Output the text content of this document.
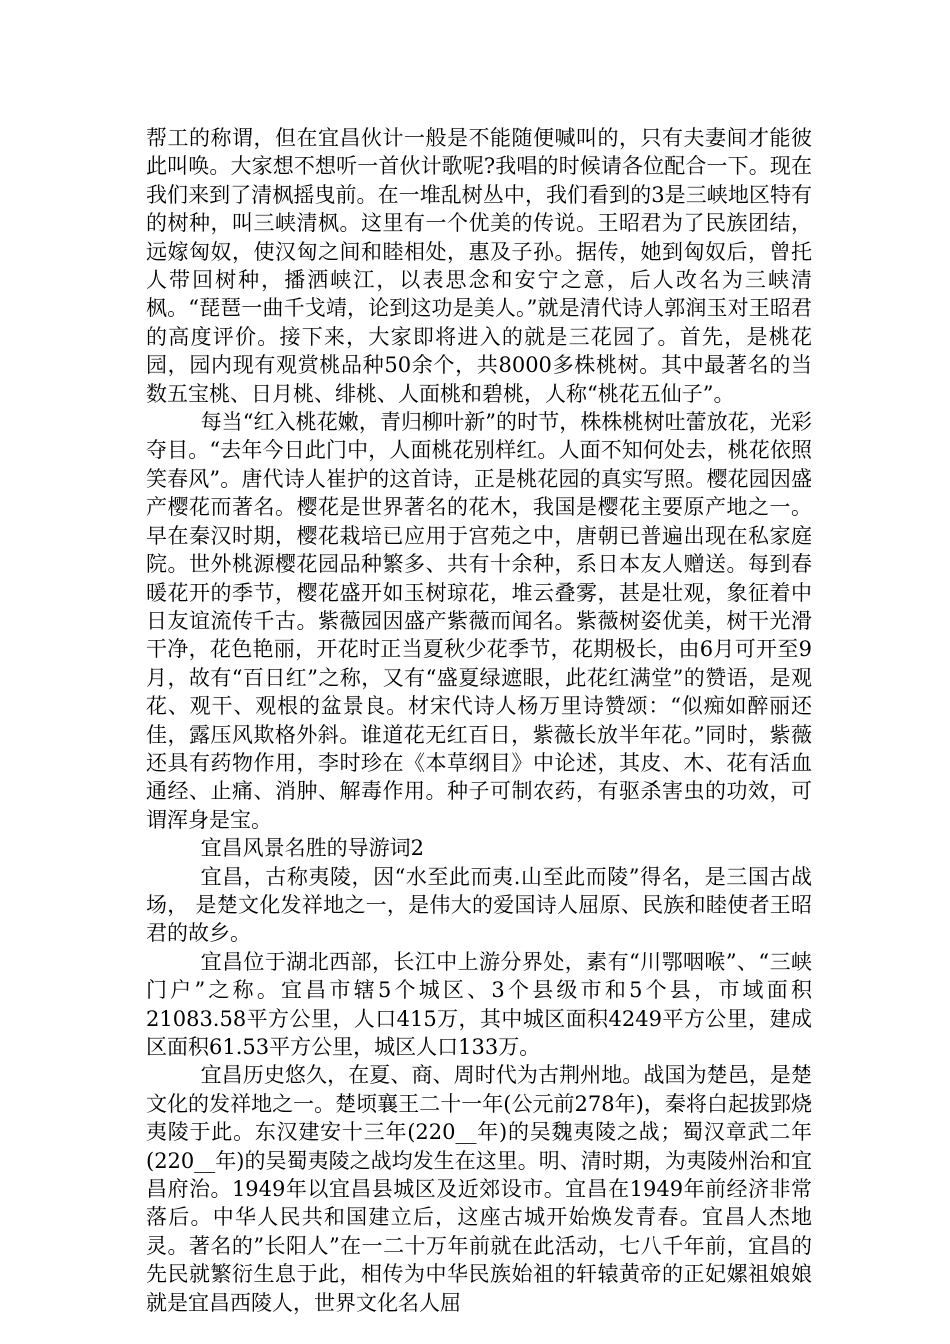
帮工的称谓，但在宜昌伙计一般是不能随便喊叫的，只有夫妻间才能彼此叫唤。大家想不想听一首伙计歌呢?我唱的时候请各位配合一下。现在我们来到了清枫摇曳前。在一堆乱树丛中，我们看到的3是三峡地区特有的树种，叫三峡清枫。这里有一个优美的传说。王昭君为了民族团结，远嫁匈奴，使汉匈之间和睦相处，惠及子孙。据传，她到匈奴后，曾托人带回树种，播洒峡江，以表思念和安宁之意，后人改名为三峡清枫。“琵琶一曲千戈靖，论到这功是美人。”就是清代诗人郭润玉对王昭君的高度评价。接下来，大家即将进入的就是三花园了。首先，是桃花园，园内现有观赏桃品种50余个，共8000多株桃树。其中最著名的当数五宝桃、日月桃、绯桃、人面桃和碧桃，人称“桃花五仙子”。

每当“红入桃花嫩，青归柳叶新”的时节，株株桃树吐蕾放花，光彩夺目。“去年今日此门中，人面桃花别样红。人面不知何处去，桃花依照笑春风”。唐代诗人崔护的这首诗，正是桃花园的真实写照。樱花园因盛产樱花而著名。樱花是世界著名的花木，我国是樱花主要原产地之一。早在秦汉时期，樱花栽培已应用于宫苑之中，唐朝已普遍出现在私家庭院。世外桃源樱花园品种繁多、共有十余种，系日本友人赠送。每到春暖花开的季节，樱花盛开如玉树琼花，堆云叠雾，甚是壮观，象征着中日友谊流传千古。紫薇园因盛产紫薇而闻名。紫薇树姿优美，树干光滑干净，花色艳丽，开花时正当夏秋少花季节，花期极长，由6月可开至9月，故有“百日红”之称，又有“盛夏绿遮眼，此花红满堂”的赞语，是观花、观干、观根的盆景良。材宋代诗人杨万里诗赞颂：“似痴如醉丽还佳，露压风欺格外斜。谁道花无红百日，紫薇长放半年花。”同时，紫薇还具有药物作用，李时珍在《本草纲目》中论述，其皮、木、花有活血通经、止痛、消肿、解毒作用。种子可制农药，有驱杀害虫的功效，可谓浑身是宝。

宜昌风景名胜的导游词2

宜昌，古称夷陵，因“水至此而夷.山至此而陵”得名，是三国古战场， 是楚文化发祥地之一，是伟大的爱国诗人屈原、民族和睦使者王昭君的故乡。

宜昌位于湖北西部，长江中上游分界处，素有“川鄂咽喉”、“三峡门户”之称。宜昌市辖5个城区、3个县级市和5个县，市域面积21083.58平方公里，人口415万，其中城区面积4249平方公里，建成区面积61.53平方公里，城区人口133万。

宜昌历史悠久，在夏、商、周时代为古荆州地。战国为楚邑，是楚文化的发祥地之一。楚顷襄王二十一年(公元前278年)，秦将白起拔郢烧夷陵于此。东汉建安十三年(220__年)的吴魏夷陵之战；蜀汉章武二年(220__年)的吴蜀夷陵之战均发生在这里。明、清时期，为夷陵州治和宜昌府治。1949年以宜昌县城区及近郊设市。宜昌在1949年前经济非常落后。中华人民共和国建立后，这座古城开始焕发青春。宜昌人杰地灵。著名的”长阳人”在一二十万年前就在此活动，七八千年前，宜昌的先民就繁衍生息于此，相传为中华民族始祖的轩辕黄帝的正妃嫘祖娘娘就是宜昌西陵人，世界文化名人屈
